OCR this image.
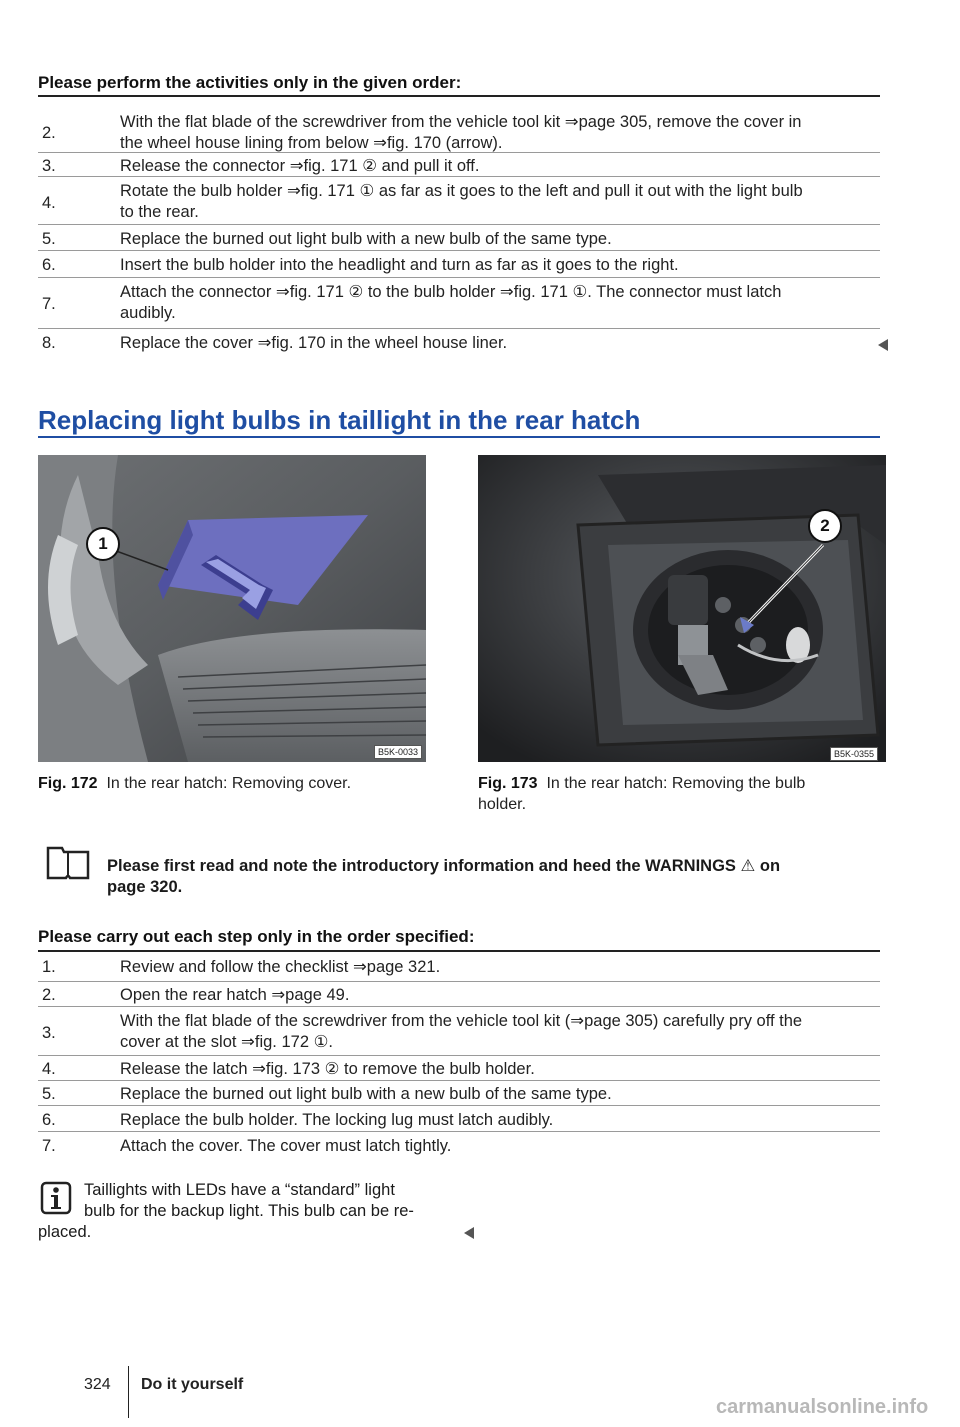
Please perform the activities only in the given order:
2.
With the flat blade of the screwdriver from the vehicle tool kit ⇒page 305, remove the cover in
the wheel house lining from below ⇒fig. 170 (arrow).
3.	Release the connector ⇒fig. 171 ② and pull it off.
4.
Rotate the bulb holder ⇒fig. 171 ① as far as it goes to the left and pull it out with the light bulb
to the rear.
5.	Replace the burned out light bulb with a new bulb of the same type.
6.	Insert the bulb holder into the headlight and turn as far as it goes to the right.
7.
Attach the connector ⇒fig. 171 ② to the bulb holder ⇒fig. 171 ①. The connector must latch
audibly.
8.	Replace the cover ⇒fig. 170 in the wheel house liner.
Replacing light bulbs in taillight in the rear hatch
1
B5K-0033
2
B5K-0355
Fig. 172 In the rear hatch: Removing cover.	Fig. 173 In the rear hatch: Removing the bulb
holder.
Please first read and note the introductory information and heed the WARNINGS ⚠ on
page 320.
Please carry out each step only in the order specified:
1.	Review and follow the checklist ⇒page 321.
2.	Open the rear hatch ⇒page 49.
3.
With the flat blade of the screwdriver from the vehicle tool kit (⇒page 305) carefully pry off the
cover at the slot ⇒fig. 172 ①.
4.	Release the latch ⇒fig. 173 ② to remove the bulb holder.
5.	Replace the burned out light bulb with a new bulb of the same type.
6.	Replace the bulb holder. The locking lug must latch audibly.
7.	Attach the cover. The cover must latch tightly.
Taillights with LEDs have a “standard” light
bulb for the backup light. This bulb can be re-
placed.
324 Do it yourself
carmanualsonline.info
